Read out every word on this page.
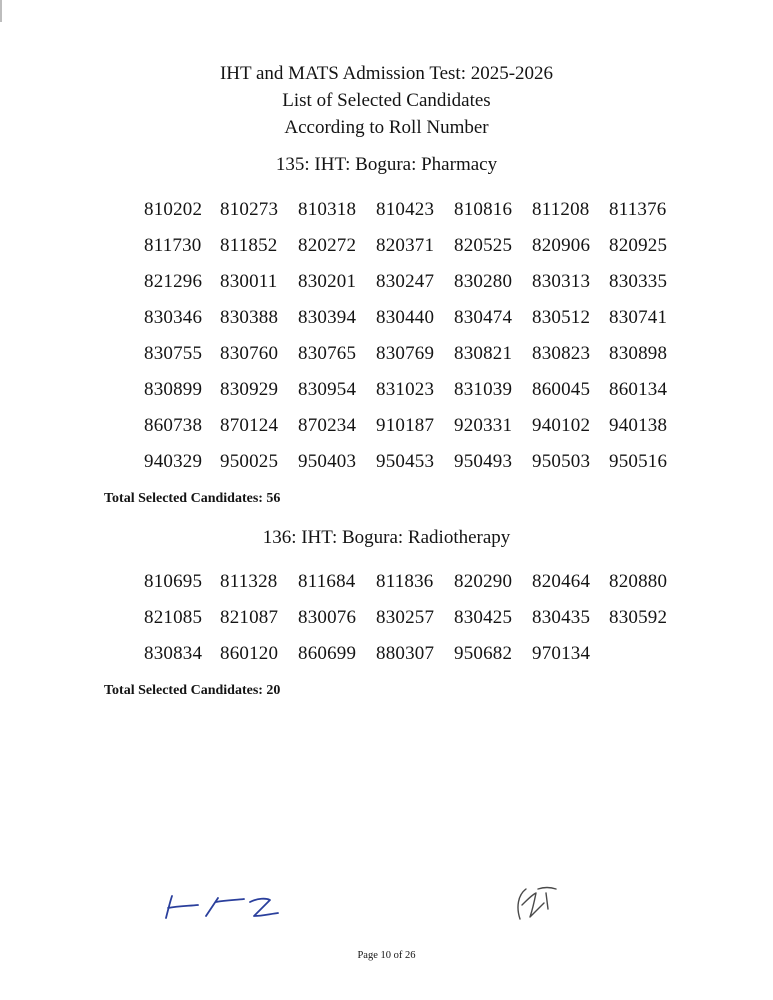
IHT and MATS Admission Test: 2025-2026
List of Selected Candidates
According to Roll Number
135: IHT: Bogura: Pharmacy
810202 810273 810318 810423 810816 811208 811376
811730 811852 820272 820371 820525 820906 820925
821296 830011 830201 830247 830280 830313 830335
830346 830388 830394 830440 830474 830512 830741
830755 830760 830765 830769 830821 830823 830898
830899 830929 830954 831023 831039 860045 860134
860738 870124 870234 910187 920331 940102 940138
940329 950025 950403 950453 950493 950503 950516
Total Selected Candidates: 56
136: IHT: Bogura: Radiotherapy
810695 811328 811684 811836 820290 820464 820880
821085 821087 830076 830257 830425 830435 830592
830834 860120 860699 880307 950682 970134
Total Selected Candidates: 20
Page 10 of 26
